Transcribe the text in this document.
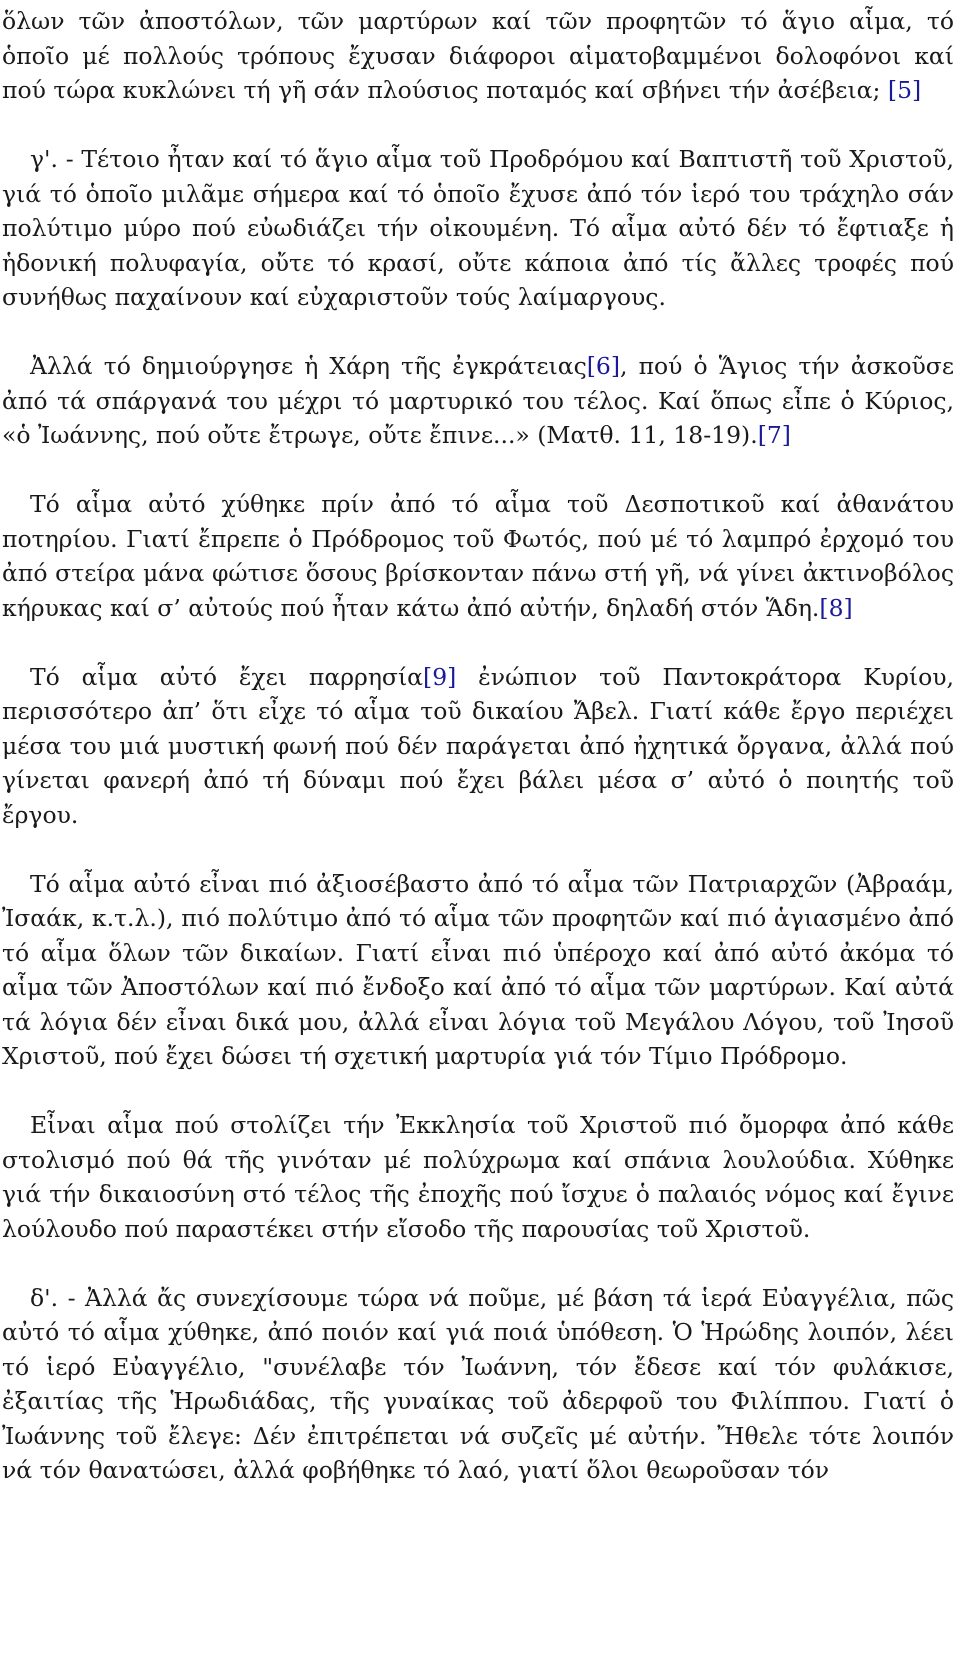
ὅλων τῶν ἀποστόλων, τῶν μαρτύρων καί τῶν προφητῶν τό ἅγιο αἷμα, τό ὁποῖο μέ πολλούς τρόπους ἔχυσαν διάφοροι αἱματοβαμμένοι δολοφόνοι καί πού τώρα κυκλώνει τή γῆ σάν πλούσιος ποταμός καί σβήνει τήν ἀσέβεια; [5]

γ'. - Τέτοιο ἦταν καί τό ἅγιο αἷμα τοῦ Προδρόμου καί Βαπτιστῆ τοῦ Χριστοῦ, γιά τό ὁποῖο μιλᾶμε σήμερα καί τό ὁποῖο ἔχυσε ἀπό τόν ἱερό του τράχηλο σάν πολύτιμο μύρο πού εὐωδιάζει τήν οἰκουμένη. Τό αἷμα αὐτό δέν τό ἔφτιαξε ἡ ἡδονική πολυφαγία, οὔτε τό κρασί, οὔτε κάποια ἀπό τίς ἄλλες τροφές πού συνήθως παχαίνουν καί εὐχαριστοῦν τούς λαίμαργους.

Ἀλλά τό δημιούργησε ἡ Χάρη τῆς ἐγκράτειας[6], πού ὁ Ἅγιος τήν ἀσκοῦσε ἀπό τά σπάργανά του μέχρι τό μαρτυρικό του τέλος. Καί ὅπως εἶπε ὁ Κύριος, «ὁ Ἰωάννης, πού οὔτε ἔτρωγε, οὔτε ἔπινε...» (Ματθ. 11, 18-19).[7]

Τό αἷμα αὐτό χύθηκε πρίν ἀπό τό αἷμα τοῦ Δεσποτικοῦ καί ἀθανάτου ποτηρίου. Γιατί ἔπρεπε ὁ Πρόδρομος τοῦ Φωτός, πού μέ τό λαμπρό ἐρχομό του ἀπό στείρα μάνα φώτισε ὅσους βρίσκονταν πάνω στή γῆ, νά γίνει ἀκτινοβόλος κήρυκας καί σ’ αὐτούς πού ἦταν κάτω ἀπό αὐτήν, δηλαδή στόν Ἅδη.[8]

Τό αἷμα αὐτό ἔχει παρρησία[9] ἐνώπιον τοῦ Παντοκράτορα Κυρίου, περισσότερο ἀπ’ ὅτι εἶχε τό αἷμα τοῦ δικαίου Ἄβελ. Γιατί κάθε ἔργο περιέχει μέσα του μιά μυστική φωνή πού δέν παράγεται ἀπό ἠχητικά ὄργανα, ἀλλά πού γίνεται φανερή ἀπό τή δύναμι πού ἔχει βάλει μέσα σ’ αὐτό ὁ ποιητής τοῦ ἔργου.

Τό αἷμα αὐτό εἶναι πιό ἀξιοσέβαστο ἀπό τό αἷμα τῶν Πατριαρχῶν (Ἀβραάμ, Ἰσαάκ, κ.τ.λ.), πιό πολύτιμο ἀπό τό αἷμα τῶν προφητῶν καί πιό ἁγιασμένο ἀπό τό αἷμα ὅλων τῶν δικαίων. Γιατί εἶναι πιό ὑπέροχο καί ἀπό αὐτό ἀκόμα τό αἷμα τῶν Ἀποστόλων καί πιό ἔνδοξο καί ἀπό τό αἷμα τῶν μαρτύρων. Καί αὐτά τά λόγια δέν εἶναι δικά μου, ἀλλά εἶναι λόγια τοῦ Μεγάλου Λόγου, τοῦ Ἰησοῦ Χριστοῦ, πού ἔχει δώσει τή σχετική μαρτυρία γιά τόν Τίμιο Πρόδρομο.

Εἶναι αἷμα πού στολίζει τήν Ἐκκλησία τοῦ Χριστοῦ πιό ὄμορφα ἀπό κάθε στολισμό πού θά τῆς γινόταν μέ πολύχρωμα καί σπάνια λουλούδια. Χύθηκε γιά τήν δικαιοσύνη στό τέλος τῆς ἐποχῆς πού ἴσχυε ὁ παλαιός νόμος καί ἔγινε λούλουδο πού παραστέκει στήν εἴσοδο τῆς παρουσίας τοῦ Χριστοῦ.

δ'. - Ἀλλά ἄς συνεχίσουμε τώρα νά ποῦμε, μέ βάση τά ἱερά Εὐαγγέλια, πῶς αὐτό τό αἷμα χύθηκε, ἀπό ποιόν καί γιά ποιά ὑπόθεση. Ὁ Ἡρώδης λοιπόν, λέει τό ἱερό Εὐαγγέλιο, "συνέλαβε τόν Ἰωάννη, τόν ἔδεσε καί τόν φυλάκισε, ἐξαιτίας τῆς Ἡρωδιάδας, τῆς γυναίκας τοῦ ἀδερφοῦ του Φιλίππου. Γιατί ὁ Ἰωάννης τοῦ ἔλεγε: Δέν ἐπιτρέπεται νά συζεῖς μέ αὐτήν. Ἤθελε τότε λοιπόν νά τόν θανατώσει, ἀλλά φοβήθηκε τό λαό, γιατί ὅλοι θεωροῦσαν τόν
